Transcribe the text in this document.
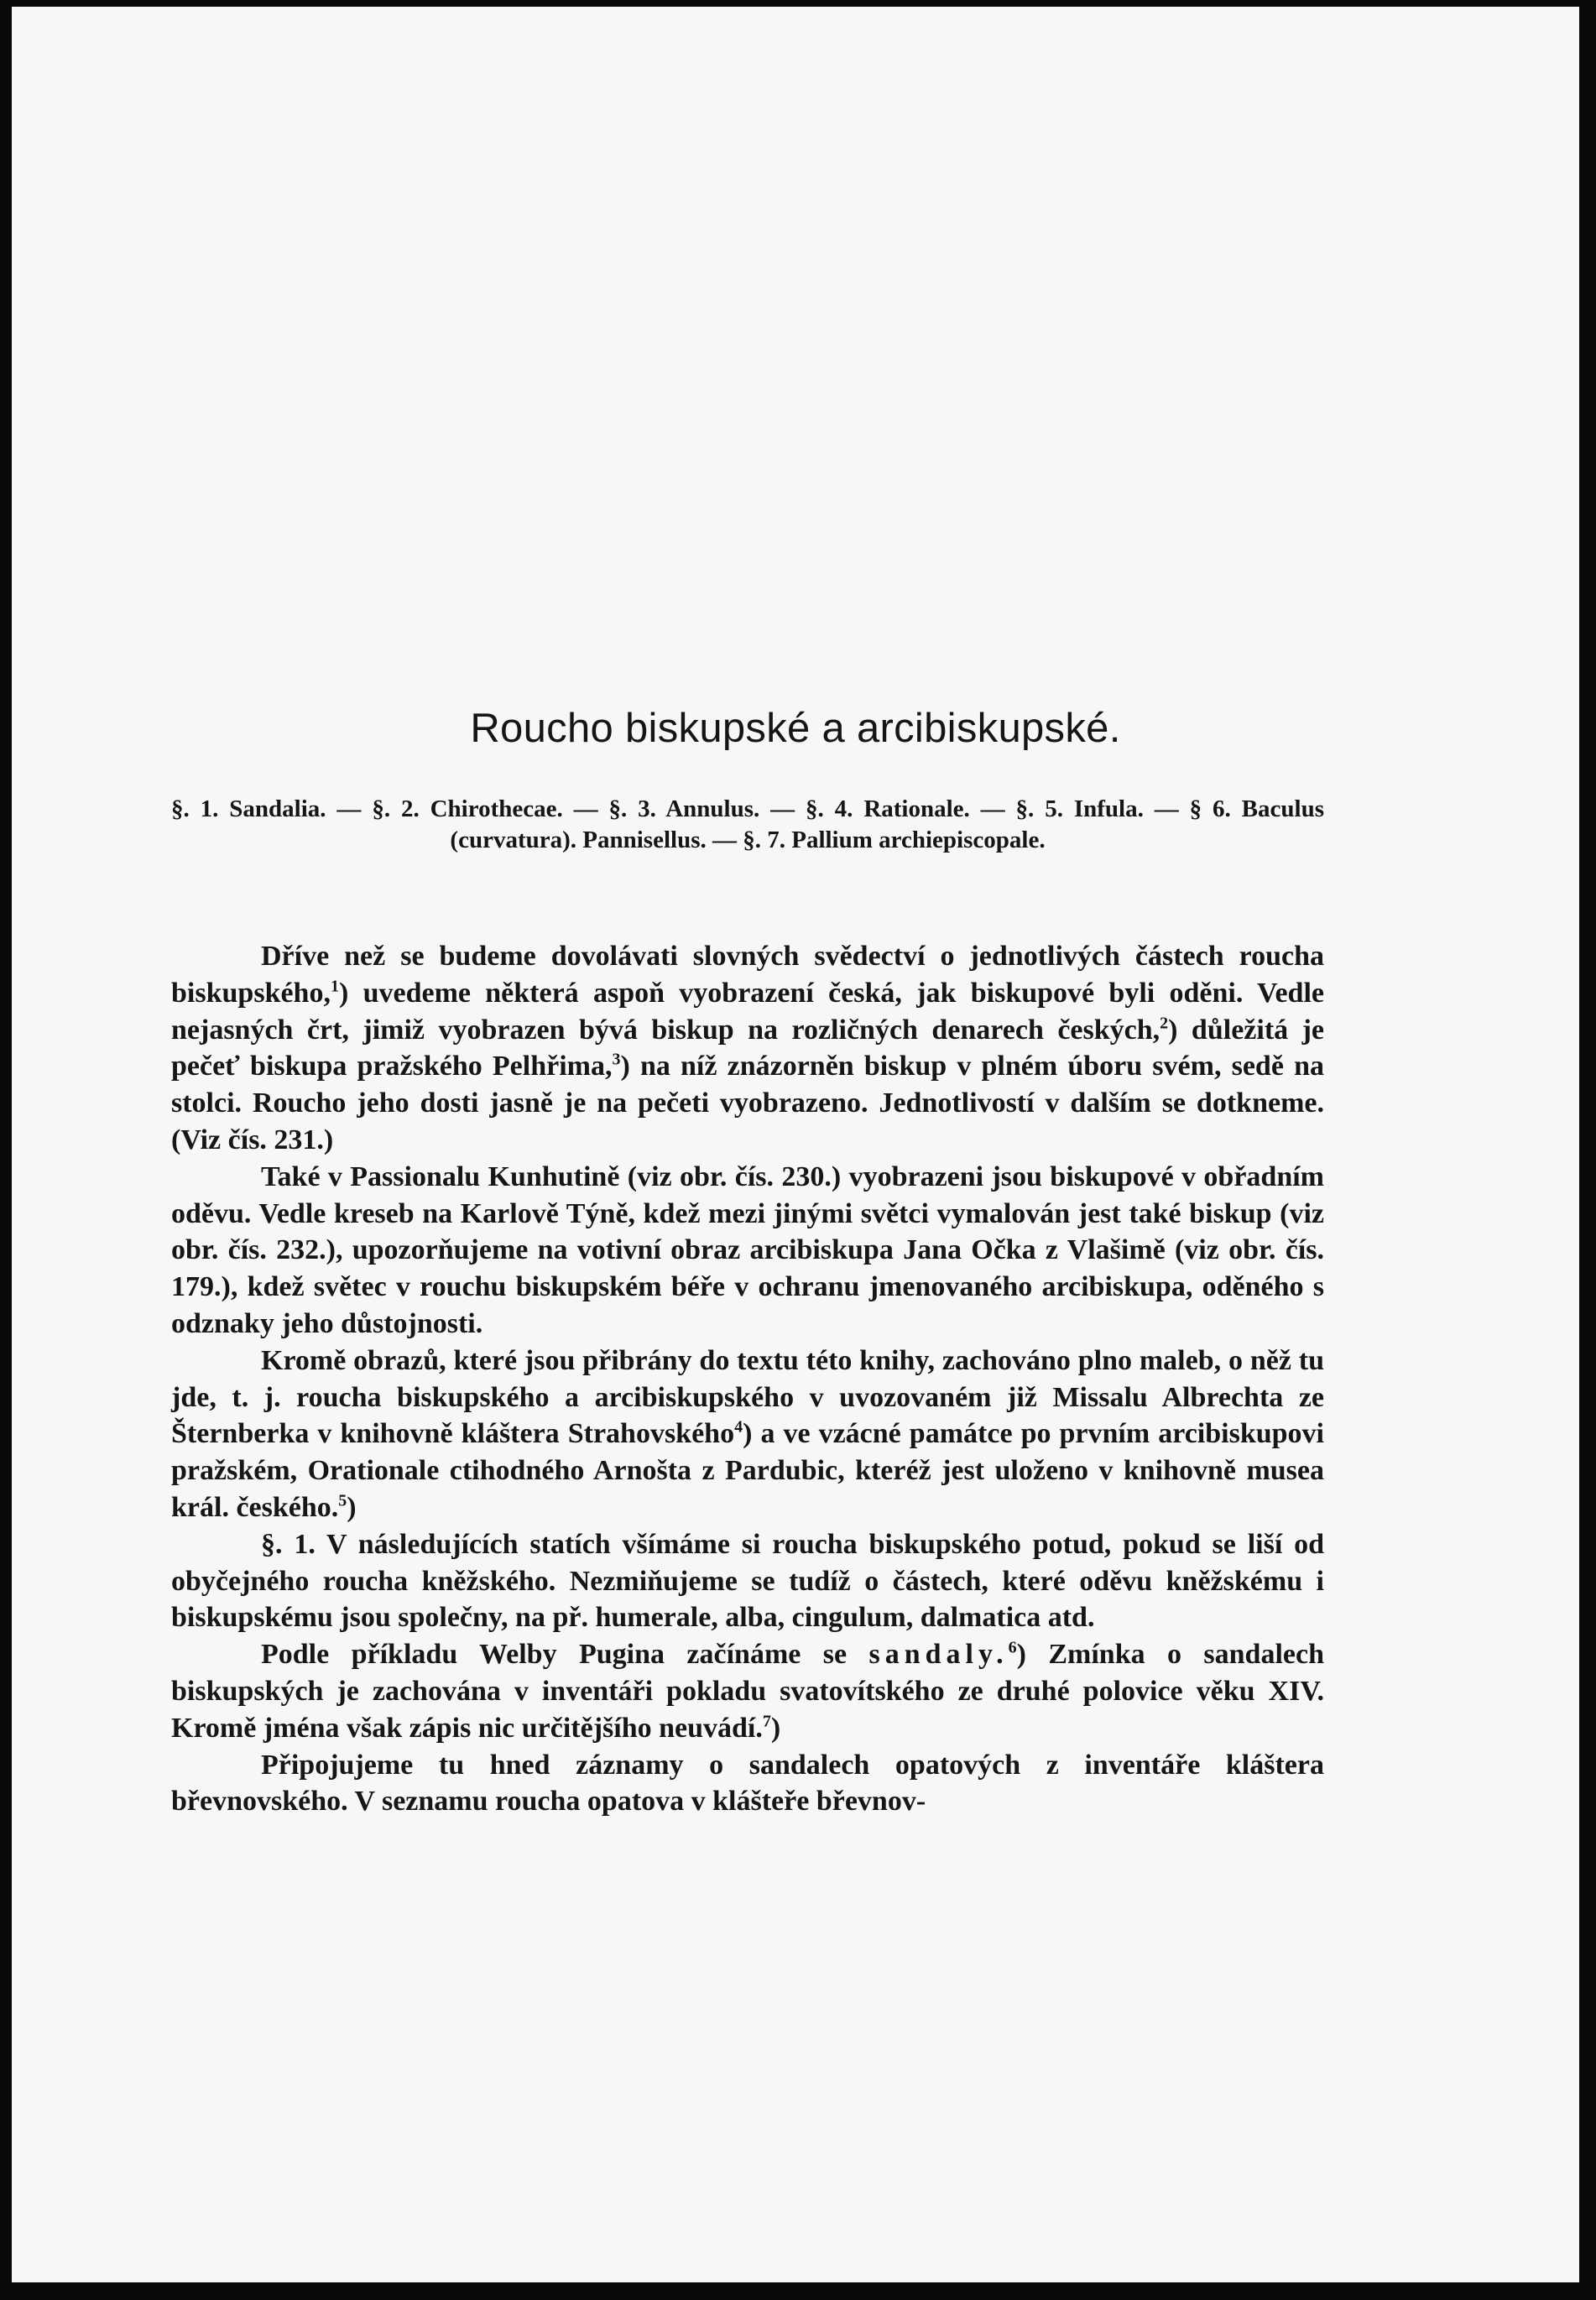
Roucho biskupské a arcibiskupské.
§. 1. Sandalia. — §. 2. Chirothecae. — §. 3. Annulus. — §. 4. Rationale. — §. 5. Infula. — § 6. Baculus (curvatura). Pannisellus. — §. 7. Pallium archiepiscopale.

Dříve než se budeme dovolávati slovných svědectví o jednotlivých částech roucha biskupského,$^1$) uvedeme některá aspoň vyobrazení česká, jak biskupové byli oděni. Vedle nejasných črt, jimiž vyobrazen bývá biskup na rozličných denarech českých,$^2$) důležitá je pečeť biskupa pražského Pelhřima,$^3$) na níž znázorněn biskup v plném úboru svém, sedě na stolci. Roucho jeho dosti jasně je na pečeti vyobrazeno. Jednotlivostí v dalším se dotkneme. (Viz čís. 231.)

Také v Passionalu Kunhutině (viz obr. čís. 230.) vyobrazeni jsou biskupové v obřadním oděvu. Vedle kreseb na Karlově Týně, kdež mezi jinými světci vymalován jest také biskup (viz obr. čís. 232.), upozorňujeme na votivní obraz arcibiskupa Jana Očka z Vlašimě (viz obr. čís. 179.), kdež světec v rouchu biskupském béře v ochranu jmenovaného arcibiskupa, oděného s odznaky jeho důstojnosti.

Kromě obrazů, které jsou přibrány do textu této knihy, zachováno plno maleb, o něž tu jde, t. j. roucha biskupského a arcibiskupského v uvozovaném již Missalu Albrechta ze Šternberka v knihovně kláštera Strahovského$^4$) a ve vzácné památce po prvním arcibiskupovi pražském, Orationale ctihodného Arnošta z Pardubic, kteréž jest uloženo v knihovně musea král. českého.$^5$)

§. 1. V následujících statích všímáme si roucha biskupského potud, pokud se liší od obyčejného roucha kněžského. Nezmiňujeme se tudíž o částech, které oděvu kněžskému i biskupskému jsou společny, na př. humerale, alba, cingulum, dalmatica atd.

Podle příkladu Welby Pugina začínáme se sandaly.$^6$) Zmínka o sandalech biskupských je zachována v inventáři pokladu svatovítského ze druhé polovice věku XIV. Kromě jména však zápis nic určitějšího neuvádí.$^7$)

Připojujeme tu hned záznamy o sandalech opatových z inventáře kláštera břevnovského. V seznamu roucha opatova v klášteře břevnov-
